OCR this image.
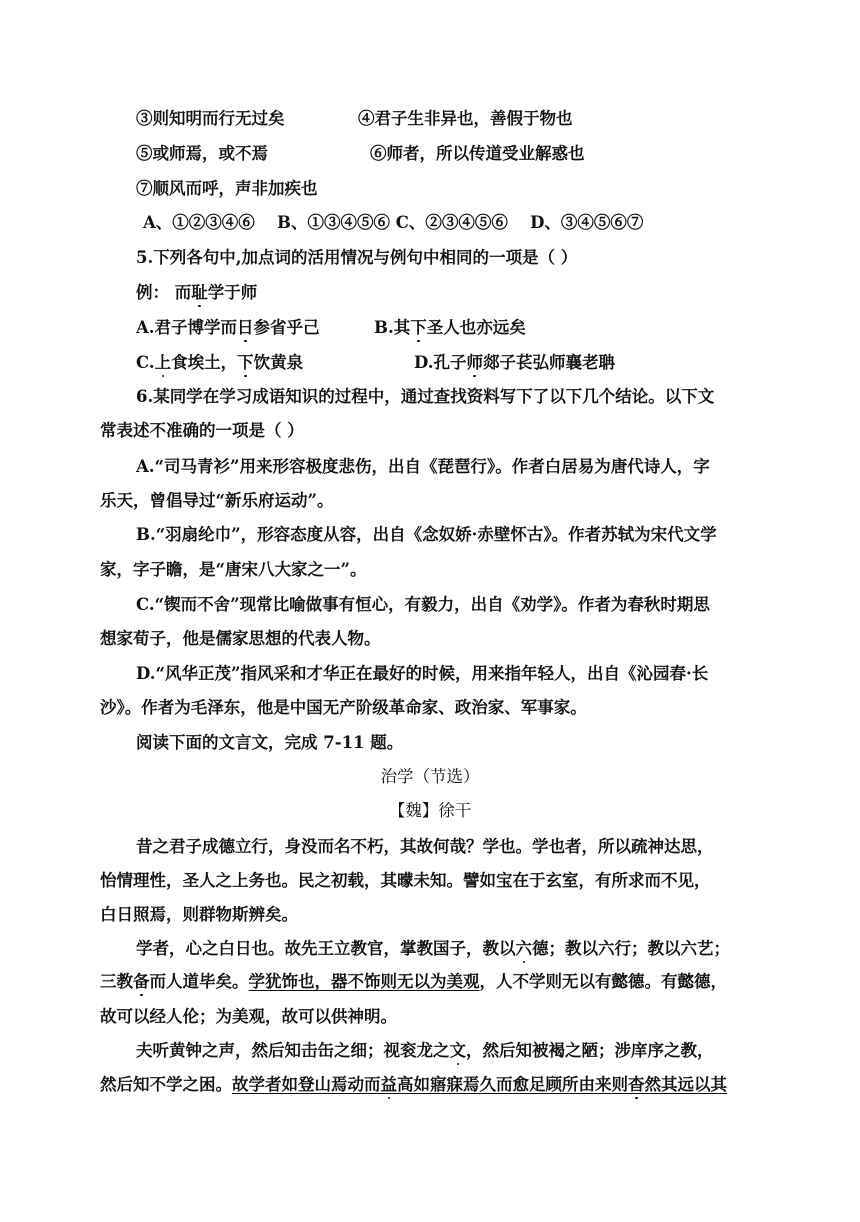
③则知明而行无过矣	④君子生非异也，善假于物也
⑤或师焉，或不焉	⑥师者，所以传道受业解惑也
⑦顺风而呼，声非加疾也
A、①②③④⑥　 B、①③④⑤⑥ C、②③④⑤⑥　 D、③④⑤⑥⑦
5.下列各句中,加点词的活用情况与例句中相同的一项是（ ）
例： 而耻学于师
A.君子博学而日参省乎己	B.其下圣人也亦远矣
C.上食埃土，下饮黄泉	D.孔子师郯子苌弘师襄老聃
6.某同学在学习成语知识的过程中，通过查找资料写下了以下几个结论。以下文
常表述不准确的一项是（ ）
A.“司马青衫”用来形容极度悲伤，出自《琵琶行》。作者白居易为唐代诗人，字
乐天，曾倡导过“新乐府运动”。
B.“羽扇纶巾”，形容态度从容，出自《念奴娇·赤壁怀古》。作者苏轼为宋代文学
家，字子瞻，是“唐宋八大家之一”。
C.“锲而不舍”现常比喻做事有恒心，有毅力，出自《劝学》。作者为春秋时期思
想家荀子，他是儒家思想的代表人物。
D.“风华正茂”指风采和才华正在最好的时候，用来指年轻人，出自《沁园春·长
沙》。作者为毛泽东，他是中国无产阶级革命家、政治家、军事家。
阅读下面的文言文，完成 7-11 题。
治学（节选）
【魏】徐干
昔之君子成德立行，身没而名不朽，其故何哉？学也。学也者，所以疏神达思，
怡情理性，圣人之上务也。民之初载，其曚未知。譬如宝在于玄室，有所求而不见，
白日照焉，则群物斯辨矣。
学者，心之白日也。故先王立教官，掌教国子，教以六德；教以六行；教以六艺；
三教备而人道毕矣。学犹饰也，器不饰则无以为美观，人不学则无以有懿德。有懿德，
故可以经人伦；为美观，故可以供神明。
夫听黄钟之声，然后知击缶之细；视衮龙之文，然后知被褐之陋；涉庠序之教，
然后知不学之困。故学者如登山焉动而益高如寤寐焉久而愈足顾所由来则杳然其远以其
